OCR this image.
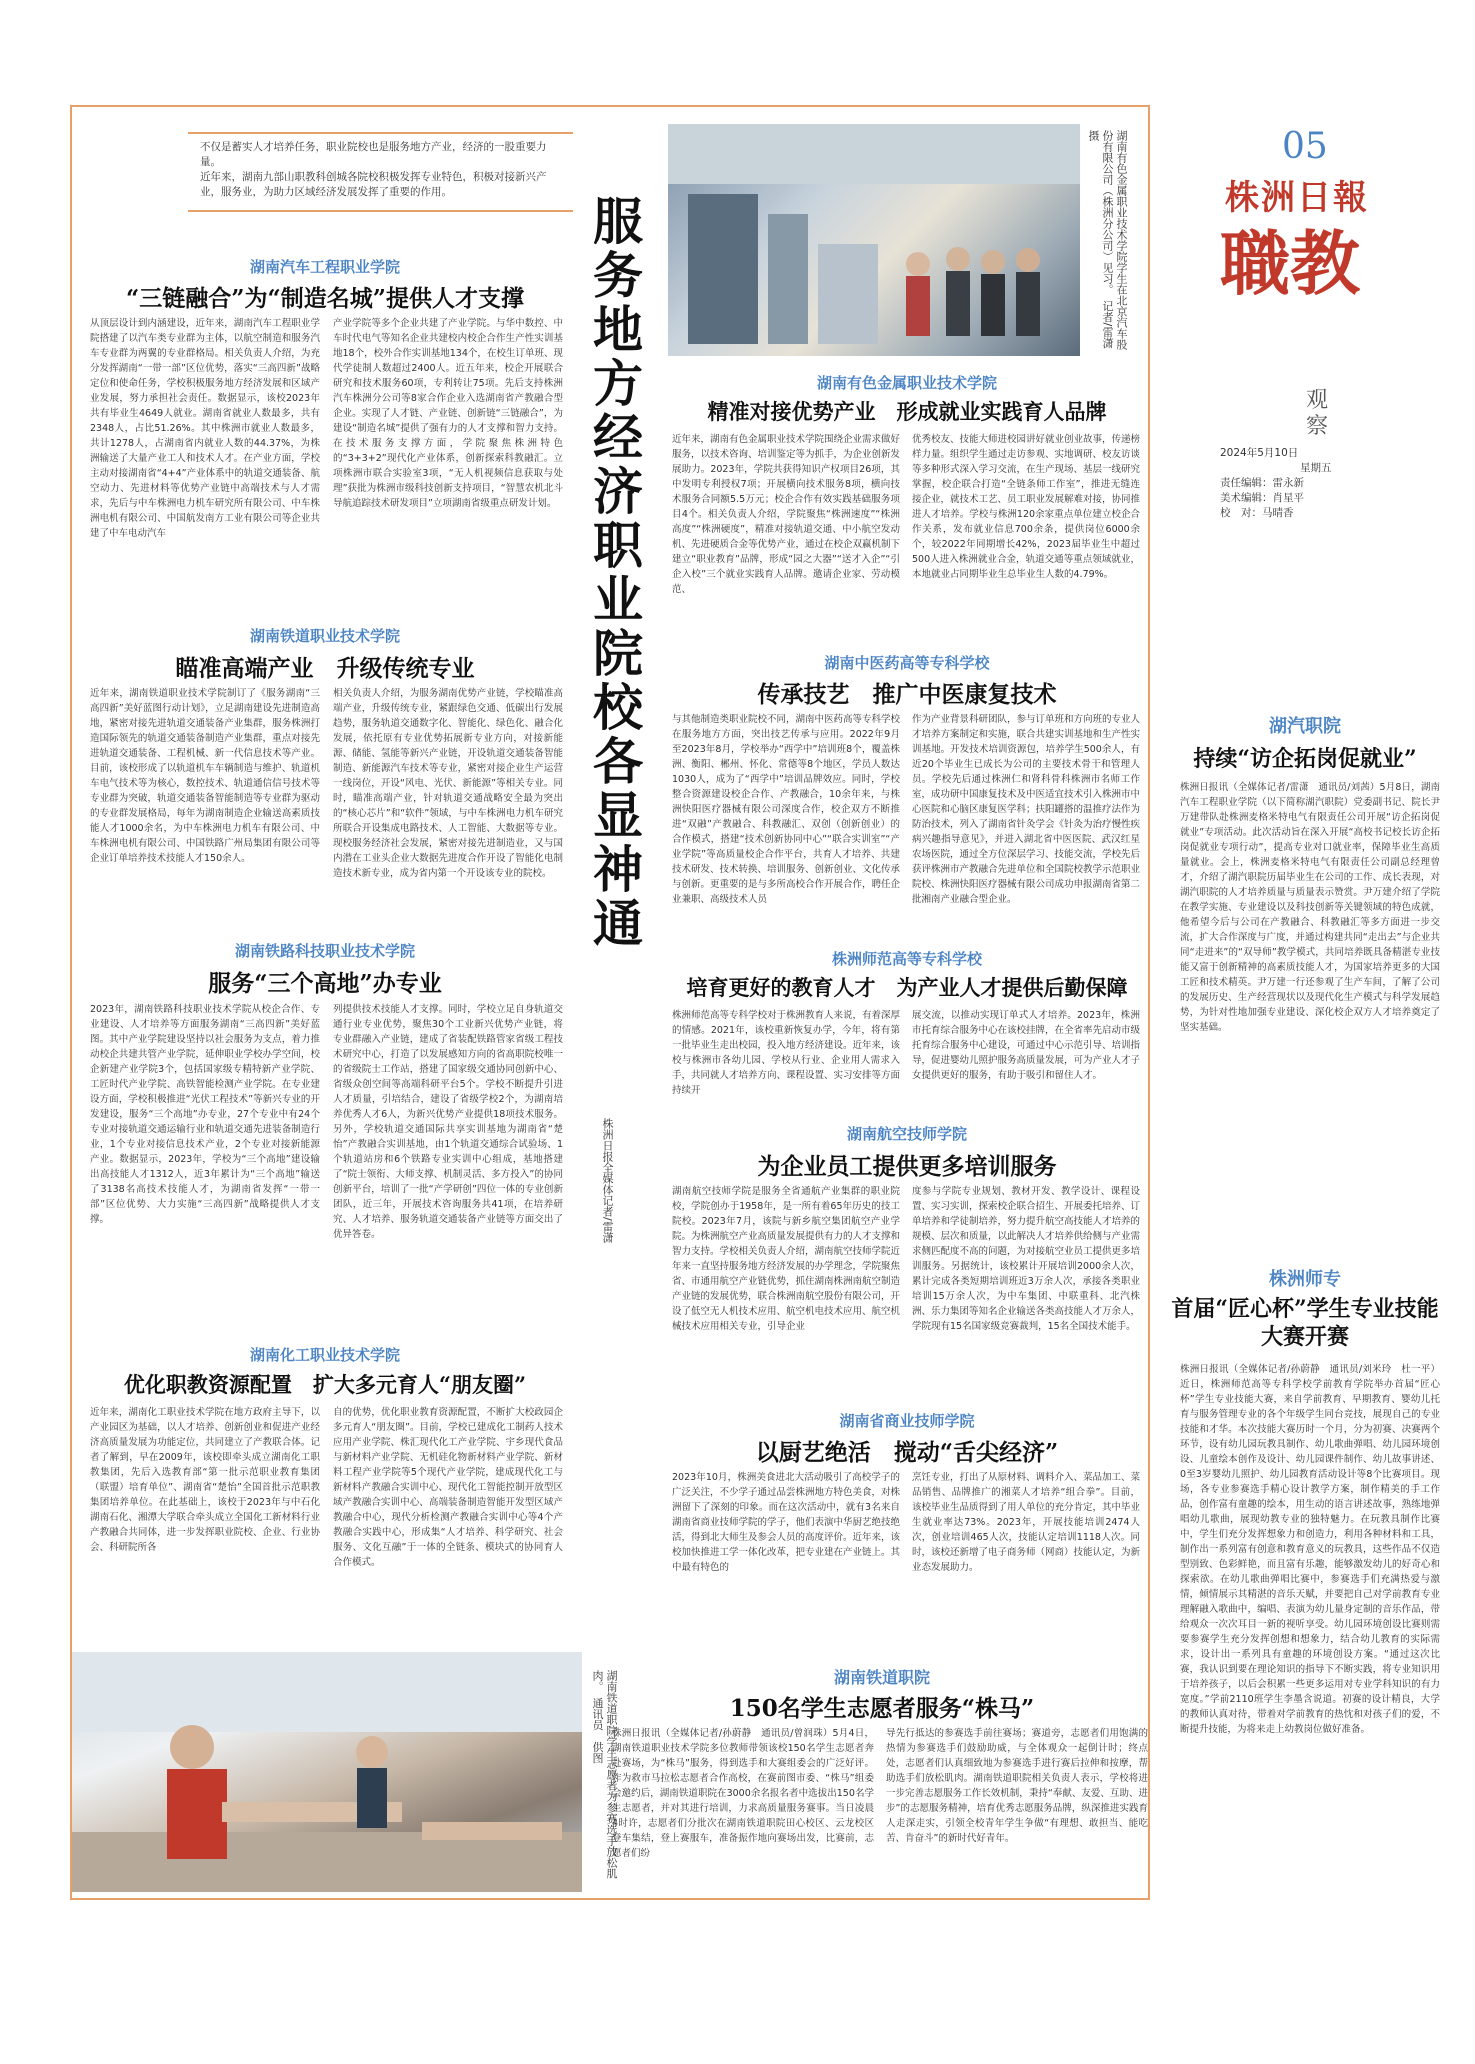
不仅是蓄实人才培养任务，职业院校也是服务地方产业，经济的一股重要力量。
近年来，湖南九部山职教科创城各院校积极发挥专业特色，积极对接新兴产业，服务业，为助力区域经济发展发挥了重要的作用。	服务地方经济　职业院校各显神通
株洲日报全媒体记者/雷潇
湖南有色金属职业技术学院学生在北京汽车股份有限公司（株洲分公司）见习。　记者/雷潇　摄
湖南汽车工程职业学院
“三链融合”为“制造名城”提供人才支撑
从顶层设计到内涵建设，近年来，湖南汽车工程职业学院搭建了以汽车类专业群为主体，以航空制造和服务汽车专业群为两翼的专业群格局。相关负责人介绍，为充分发挥湖南“一带一部”区位优势，落实“三高四新”战略定位和使命任务，学校积极服务地方经济发展和区域产业发展，努力承担社会责任。数据显示，该校2023年共有毕业生4649人就业。湖南省就业人数最多，共有2348人，占比51.26%。其中株洲市就业人数最多，共计1278人，占湖南省内就业人数的44.37%，为株洲输送了大量产业工人和技术人才。在产业方面，学校主动对接湖南省“4+4”产业体系中的轨道交通装备、航空动力、先进材料等优势产业链中高端技术与人才需求，先后与中车株洲电力机车研究所有限公司、中车株洲电机有限公司、中国航发南方工业有限公司等企业共建了中车电动汽车
产业学院等多个企业共建了产业学院。与华中数控、中车时代电气等知名企业共建校内校企合作生产性实训基地18个，校外合作实训基地134个，在校生订单班、现代学徒制人数超过2400人。近五年来，校企开展联合研究和技术服务60项，专利转让75项。先后支持株洲汽车株洲分公司等8家合作企业入选湖南省产教融合型企业。实现了人才链、产业链、创新链“三链融合”，为建设“制造名城”提供了强有力的人才支撑和智力支持。在技术服务支撑方面，学院聚焦株洲特色的“3+3+2”现代化产业体系，创新探索科教融汇。立项株洲市联合实验室3项，“无人机视频信息获取与处理”获批为株洲市级科技创新支持项目，“智慧农机北斗导航追踪技术研发项目”立项湖南省级重点研发计划。
湖南铁道职业技术学院
瞄准高端产业　升级传统专业
近年来，湖南铁道职业技术学院制订了《服务湖南“三高四新”美好蓝图行动计划》，立足湖南建设先进制造高地，紧密对接先进轨道交通装备产业集群，服务株洲打造国际领先的轨道交通装备制造产业集群，重点对接先进轨道交通装备、工程机械、新一代信息技术等产业。目前，该校形成了以轨道机车车辆制造与维护、轨道机车电气技术等为核心，数控技术、轨道通信信号技术等专业群为突破，轨道交通装备智能制造等专业群为驱动的专业群发展格局，每年为湖南制造企业输送高素质技能人才1000余名，为中车株洲电力机车有限公司、中车株洲电机有限公司、中国铁路广州局集团有限公司等企业订单培养技术技能人才150余人。
相关负责人介绍，为服务湖南优势产业链，学校瞄准高端产业，升级传统专业，紧跟绿色交通、低碳出行发展趋势，服务轨道交通数字化、智能化、绿色化、融合化发展，依托原有专业优势拓展新专业方向，对接新能源、储能、氢能等新兴产业链，开设轨道交通装备智能制造、新能源汽车技术等专业，紧密对接企业生产运营一线岗位，开设“风电、光伏、新能源”等相关专业。同时，瞄准高端产业，针对轨道交通战略安全最为突出的“核心芯片”和“软件”领域，与中车株洲电力机车研究所联合开设集成电路技术、人工智能、大数据等专业。现校服务经济社会发展，紧密对接先进制造业，又与国内潜在工业头企业大数据先进度合作开设了智能化电制造技术新专业，成为省内第一个开设该专业的院校。
湖南铁路科技职业技术学院
服务“三个高地”办专业
2023年，湖南铁路科技职业技术学院从校企合作、专业建设、人才培养等方面服务湖南“三高四新”美好蓝图。其中产业学院建设坚持以社会服务为支点，着力推动校企共建共管产业学院，延伸职业学校办学空间，校企新建产业学院3个，包括国家级专精特新产业学院、工匠时代产业学院、高铁智能检测产业学院。在专业建设方面，学校积极推进“光伏工程技术”等新兴专业的开发建设，服务“三个高地”办专业，27个专业中有24个专业对接轨道交通运输行业和轨道交通先进装备制造行业，1个专业对接信息技术产业，2个专业对接新能源产业。数据显示，2023年，学校为“三个高地”建设输出高技能人才1312人，近3年累计为“三个高地”输送了3138名高技术技能人才，为湖南省发挥“一带一部”区位优势、大力实施“三高四新”战略提供人才支撑。
列提供技术技能人才支撑。同时，学校立足自身轨道交通行业专业优势，聚焦30个工业新兴优势产业链，将专业群融入产业链，建成了省装配铁路管家省级工程技术研究中心，打造了以发展感知方向的省高职院校唯一的省级院士工作站，搭建了国家级交通协同创新中心、省级众创空间等高端科研平台5个。学校不断提升引进人才质量，引培结合，建设了省级学校2个，为湖南培养优秀人才6人，为新兴优势产业提供18项技术服务。另外，学校轨道交通国际共享实训基地为湖南省“楚怡”产教融合实训基地，由1个轨道交通综合试验场、1个轨道站房和6个铁路专业实训中心组成，基地搭建了“院士领衔、大师支撑、机制灵活、多方投入”的协同创新平台，培训了一批“产学研创”四位一体的专业创新团队，近三年，开展技术咨询服务共41项，在培养研究、人才培养、服务轨道交通装备产业链等方面交出了优异答卷。
湖南化工职业技术学院
优化职教资源配置　扩大多元育人“朋友圈”
近年来，湖南化工职业技术学院在地方政府主导下，以产业园区为基础，以人才培养、创新创业和促进产业经济高质量发展为功能定位，共同建立了产教联合体。记者了解到，早在2009年，该校即牵头成立湖南化工职教集团，先后入选教育部“第一批示范职业教育集团（联盟）培育单位”、湖南省“楚怡”全国首批示范职教集团培养单位。在此基础上，该校于2023年与中石化湖南石化、湘潭大学联合牵头成立全国化工新材料行业产教融合共同体，进一步发挥职业院校、企业、行业协会、科研院所各
自的优势，优化职业教育资源配置，不断扩大校政园企多元育人“朋友圈”。目前，学校已建成化工制药人技术应用产业学院、株汇现代化工产业学院、宇乡现代食品与新材料产业学院、无机硅化物新材料产业学院、新材料工程产业学院等5个现代产业学院，建成现代化工与新材料产教融合实训中心、现代化工智能控制开放型区域产教融合实训中心、高端装备制造智能开发型区域产教融合中心，现代分析检测产教融合实训中心等4个产教融合实践中心，形成集“人才培养、科学研究、社会服务、文化互融”于一体的全链条、模块式的协同育人合作模式。
湖南有色金属职业技术学院
精准对接优势产业　形成就业实践育人品牌
近年来，湖南有色金属职业技术学院围绕企业需求做好服务，以技术咨询、培训鉴定等为抓手，为企业创新发展助力。2023年，学院共获得知识产权项目26项，其中发明专利授权7项；开展横向技术服务8项，横向技术服务合同额5.5万元；校企合作有效实践基础服务项目4个。相关负责人介绍，学院聚焦“株洲速度”“株洲高度”“株洲硬度”，精准对接轨道交通、中小航空发动机、先进硬质合金等优势产业，通过在校企双赢机制下建立“职业教育”品牌，形成“园之大器”“送才入企”“引企入校”三个就业实践育人品牌。邀请企业家、劳动模范、
优秀校友、技能大师进校园讲好就业创业故事，传递榜样力量。组织学生通过走访参观、实地调研、校友访谈等多种形式深入学习交流，在生产现场、基层一线研究掌握，校企联合打造“全链条师工作室”，推进无缝连接企业，就技术工艺、员工职业发展解难对接，协同推进人才培养。学校与株洲120余家重点单位建立校企合作关系，发布就业信息700余条，提供岗位6000余个，较2022年同期增长42%，2023届毕业生中超过500人进入株洲就业合金，轨道交通等重点领域就业，本地就业占同期毕业生总毕业生人数的4.79%。
湖南中医药高等专科学校
传承技艺　推广中医康复技术
与其他制造类职业院校不同，湖南中医药高等专科学校在服务地方方面，突出技艺传承与应用。2022年9月至2023年8月，学校举办“西学中”培训班8个，覆盖株洲、衡阳、郴州、怀化、常德等8个地区，学员人数达1030人，成为了“西学中”培训品牌效应。同时，学校整合资源建设校企合作、产教融合，10余年来，与株洲快阳医疗器械有限公司深度合作，校企双方不断推进“双融”产教融合、科教融汇、双创（创新创业）的合作模式，搭建“技术创新协同中心”“联合实训室”“产业学院”等高质量校企合作平台，共育人才培养、共建技术研发、技术转换、培训服务、创新创业、文化传承与创新。更重要的是与多所高校合作开展合作，聘任企业兼职、高级技术人员
作为产业背景科研团队，参与订单班和方向班的专业人才培养方案制定和实施，联合共建实训基地和生产性实训基地。开发技术培训资源包，培养学生500余人，有近20个毕业生已成长为公司的主要技术骨干和管理人员。学校先后通过株洲仁和肾科骨科株洲市名师工作室，成功研中国康复技术及中医适宜技术引入株洲市中心医院和心脑区康复医学科；扶阳罐搭的温推疗法作为防治技术，列入了湖南省针灸学会《针灸为治疗慢性疾病兴趣指导意见》，并进入湖北省中医医院、武汉红星农场医院，通过全方位深层学习、技能交流，学校先后获评株洲市产教融合先进单位和全国院校教学示范职业院校、株洲快阳医疗器械有限公司成功申报湖南省第二批湘南产业融合型企业。
株洲师范高等专科学校
培育更好的教育人才　为产业人才提供后勤保障
株洲师范高等专科学校对于株洲教育人来说，有着深厚的情感。2021年，该校重新恢复办学，今年，将有第一批毕业生走出校园，投入地方经济建设。近年来，该校与株洲市各幼儿园、学校从行业、企业用人需求入手，共同就人才培养方向、课程设置、实习安排等方面持续开
展交流，以推动实现订单式人才培养。2023年，株洲市托育综合服务中心在该校挂牌，在全省率先启动市级托育综合服务中心建设，可通过中心示范引导、培训指导，促进婴幼儿照护服务高质量发展，可为产业人才子女提供更好的服务，有助于吸引和留住人才。
湖南航空技师学院
为企业员工提供更多培训服务
湖南航空技师学院是服务全省通航产业集群的职业院校，学院创办于1958年，是一所有着65年历史的技工院校。2023年7月，该院与新乡航空集团航空产业学院。为株洲航空产业高质量发展提供有力的人才支撑和智力支持。学校相关负责人介绍，湖南航空技师学院近年来一直坚持服务地方经济发展的办学理念，学院聚焦省、市通用航空产业链优势，抓住湖南株洲南航空制造产业链的发展优势，联合株洲南航空股份有限公司，开设了低空无人机技术应用、航空机电技术应用、航空机械技术应用相关专业，引导企业
度参与学院专业规划、教材开发、教学设计、课程设置、实习实训，探索校企联合招生、开展委托培养、订单培养和学徒制培养，努力提升航空高技能人才培养的规模、层次和质量，以此解决人才培养供给侧与产业需求侧匹配度不高的问题，为对接航空业员工提供更多培训服务。另据统计，该校累计开展培训2000余人次，累计完成各类短期培训班近3万余人次，承接各类职业培训15万余人次，为中车集团、中联重科、北汽株洲、乐力集团等知名企业输送各类高技能人才万余人，学院现有15名国家级竞赛裁判，15名全国技术能手。
湖南省商业技师学院
以厨艺绝活　搅动“舌尖经济”
2023年10月，株洲美食进北大活动吸引了高校学子的广泛关注，不少学子通过品尝株洲地方特色美食，对株洲留下了深刻的印象。而在这次活动中，就有3名来自湖南省商业技师学院的学子，他们表演中华厨艺绝技绝活，得到北大师生及参会人员的高度评价。近年来，该校加快推进工学一体化改革，把专业建在产业链上。其中最有特色的
烹饪专业，打出了从原材料、调料介入、菜品加工、菜品销售、品牌推广的湘菜人才培养“组合拳”。目前，该校毕业生品质得到了用人单位的充分肯定，其中毕业生就业率达73%。2023年，开展技能培训2474人次，创业培训465人次，技能认定培训1118人次。同时，该校还新增了电子商务师（网商）技能认定，为新业态发展助力。
湖南铁道职院学生志愿者为参赛选手放松肌肉。　通讯员　供图	湖南铁道职院
150名学生志愿者服务“株马”
株洲日报讯（全媒体记者/孙蔚静　通讯员/曾润珠）5月4日，湖南铁道职业技术学院多位教师带领该校150名学生志愿者奔赴赛场，为“株马”服务，得到选手和大赛组委会的广泛好评。作为救市马拉松志愿者合作高校，在赛前图市委、“株马”组委会邀约后，湖南铁道职院在3000余名报名者中选拔出150名学生志愿者，并对其进行培训，力求高质量服务赛事。当日凌晨4时许，志愿者们分批次在湖南铁道职院田心校区、云龙校区登车集结，登上赛服车，准备振作地向赛场出发，比赛前，志愿者们纷
导先行抵达的参赛选手前往赛场；赛道旁，志愿者们用饱满的热情为参赛选手们鼓励助威，与全体观众一起倒计时；终点处，志愿者们认真细致地为参赛选手进行赛后拉伸和按摩，帮助选手们放松肌肉。湖南铁道职院相关负责人表示，学校将进一步完善志愿服务工作长效机制，秉持“奉献、友爱、互助、进步”的志愿服务精神，培育优秀志愿服务品牌，纵深推进实践育人走深走实，引领全校青年学生争做“有理想、敢担当、能吃苦、肯奋斗”的新时代好青年。
05
株洲日報
職教
观察
2024年5月10日
星期五
责任编辑：雷永新
美术编辑：肖星平
校　对：马晴香
湖汽职院
持续“访企拓岗促就业”
株洲日报讯（全媒体记者/雷潇　通讯员/刘茜）5月8日，湖南汽车工程职业学院（以下简称湖汽职院）党委副书记、院长尹万建带队赴株洲麦格米特电气有限责任公司开展“访企拓岗促就业”专项活动。此次活动旨在深入开展“高校书记校长访企拓岗促就业专项行动”，提高专业对口就业率，保障毕业生高质量就业。会上，株洲麦格米特电气有限责任公司副总经理曾才，介绍了湖汽职院历届毕业生在公司的工作、成长表现，对湖汽职院的人才培养质量与质量表示赞赏。尹万建介绍了学院在教学实施、专业建设以及科技创新等关键领域的特色成就，他希望今后与公司在产教融合、科教融汇等多方面进一步交流，扩大合作深度与广度，并通过构建共同“走出去”与企业共同“走进来”的“双导师”教学模式，共同培养既具备精湛专业技能又富于创新精神的高素质技能人才，为国家培养更多的大国工匠和技术精英。尹万建一行还参观了生产车间，了解了公司的发展历史、生产经营现状以及现代化生产模式与科学发展趋势，为针对性地加强专业建设、深化校企双方人才培养奠定了坚实基础。
株洲师专
首届“匠心杯”学生专业技能大赛开赛
株洲日报讯（全媒体记者/孙蔚静　通讯员/刘米玲　杜一平）近日，株洲师范高等专科学校学前教育学院举办首届“匠心杯”学生专业技能大赛，来自学前教育、早期教育、婴幼儿托育与服务管理专业的各个年级学生同台竞技，展现自己的专业技能和才华。本次技能大赛历时一个月，分为初赛、决赛两个环节，设有幼儿园玩教具制作、幼儿歌曲弹唱、幼儿园环境创设、儿童绘本创作及设计、幼儿园课件制作、幼儿故事讲述、0至3岁婴幼儿照护、幼儿园教育活动设计等8个比赛项目。现场，各专业参赛选手精心设计教学方案，制作精美的手工作品，创作富有童趣的绘本，用生动的语言讲述故事，熟练地弹唱幼儿歌曲，展现幼教专业的独特魅力。在玩教具制作比赛中，学生们充分发挥想象力和创造力，利用各种材料和工具，制作出一系列富有创意和教育意义的玩教具，这些作品不仅造型别致、色彩鲜艳，而且富有乐趣，能够激发幼儿的好奇心和探索欲。在幼儿歌曲弹唱比赛中，参赛选手们充满热爱与激情，倾情展示其精湛的音乐天赋，并要把自己对学前教育专业理解融入歌曲中，编唱、表演为幼儿量身定制的音乐作品，带给观众一次次耳目一新的视听享受。幼儿园环境创设比赛则需要参赛学生充分发挥创想和想象力，结合幼儿教育的实际需求，设计出一系列具有童趣的环境创设方案。“通过这次比赛，我认识到要在理论知识的指导下不断实践，将专业知识用于培养孩子，以后会积累一些更多运用对专业学科知识的有力宽度。”学前2110班学生李墨含说道。初赛的设计精良，大学的教师认真对待，带着对学前教育的热忱和对孩子们的爱，不断提升技能，为将来走上幼教岗位做好准备。
